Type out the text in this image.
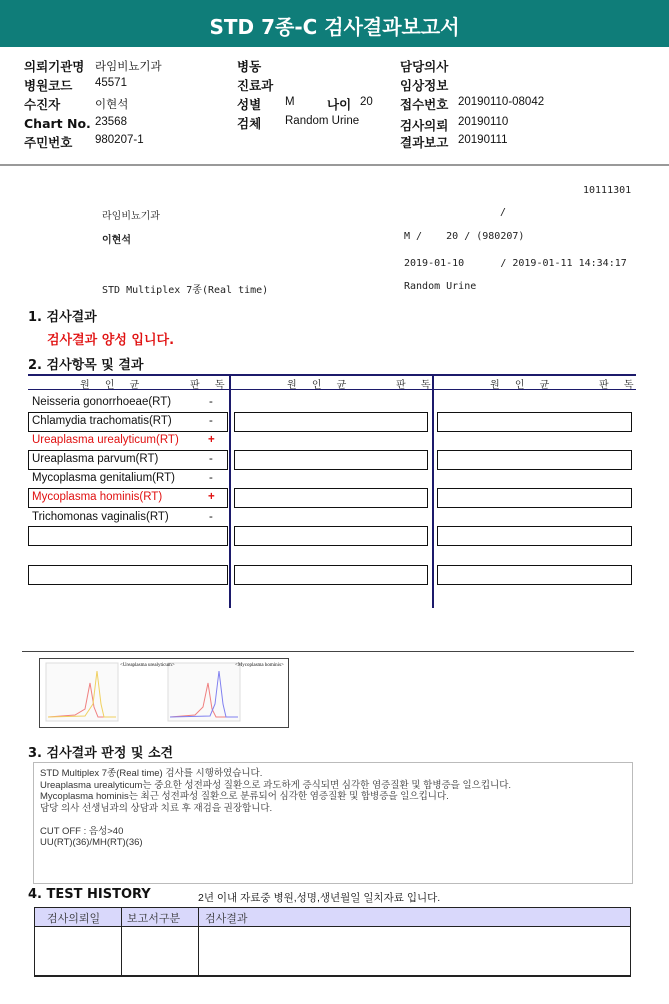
STD 7종-C 검사결과보고서
의뢰기관명 라임비뇨기과
병원코드 45571
수진자	이현석
Chart No. 23568
주민번호 980207-1
병동
진료과
성별 M	나이 20
검체 Random Urine
담당의사
임상정보
접수번호 20190110-08042
검사의뢰 20190110
결과보고 20190111
10111301
라임비뇨기과	/
이현석	M /    20 / (980207)
2019-01-10      / 2019-01-11 14:34:17
STD Multiplex 7종(Real time)	Random Urine
1. 검사결과
검사결과 양성 입니다.
2. 검사항목 및 결과
원 인 균	판 독	원 인 균	판 독	원 인 균	판 독
Neisseria gonorrhoeae(RT)	-
Chlamydia trachomatis(RT)	-
Ureaplasma urealyticum(RT)	+
Ureaplasma parvum(RT)	-
Mycoplasma genitalium(RT)	-
Mycoplasma hominis(RT)	+
Trichomonas vaginalis(RT)	-
<Ureaplasma urealyticum>	<Mycoplasma hominis>
3. 검사결과 판정 및 소견
STD Multiplex 7종(Real time) 검사를 시행하였습니다.
Ureaplasma urealyticum는 중요한 성전파성 질환으로 과도하게 증식되면 심각한 염증질환 및 합병증을 일으킵니다.
Mycoplasma hominis는 최근 성전파성 질환으로 분류되어 심각한 염증질환 및 합병증을 일으킵니다.
담당 의사 선생님과의 상담과 치료 후 재검을 권장합니다.
CUT OFF : 음성>40
UU(RT)(36)/MH(RT)(36)
4. TEST HISTORY	2년 이내 자료중 병원,성명,생년월일 일치자료 입니다.
검사의뢰일 보고서구분 검사결과
